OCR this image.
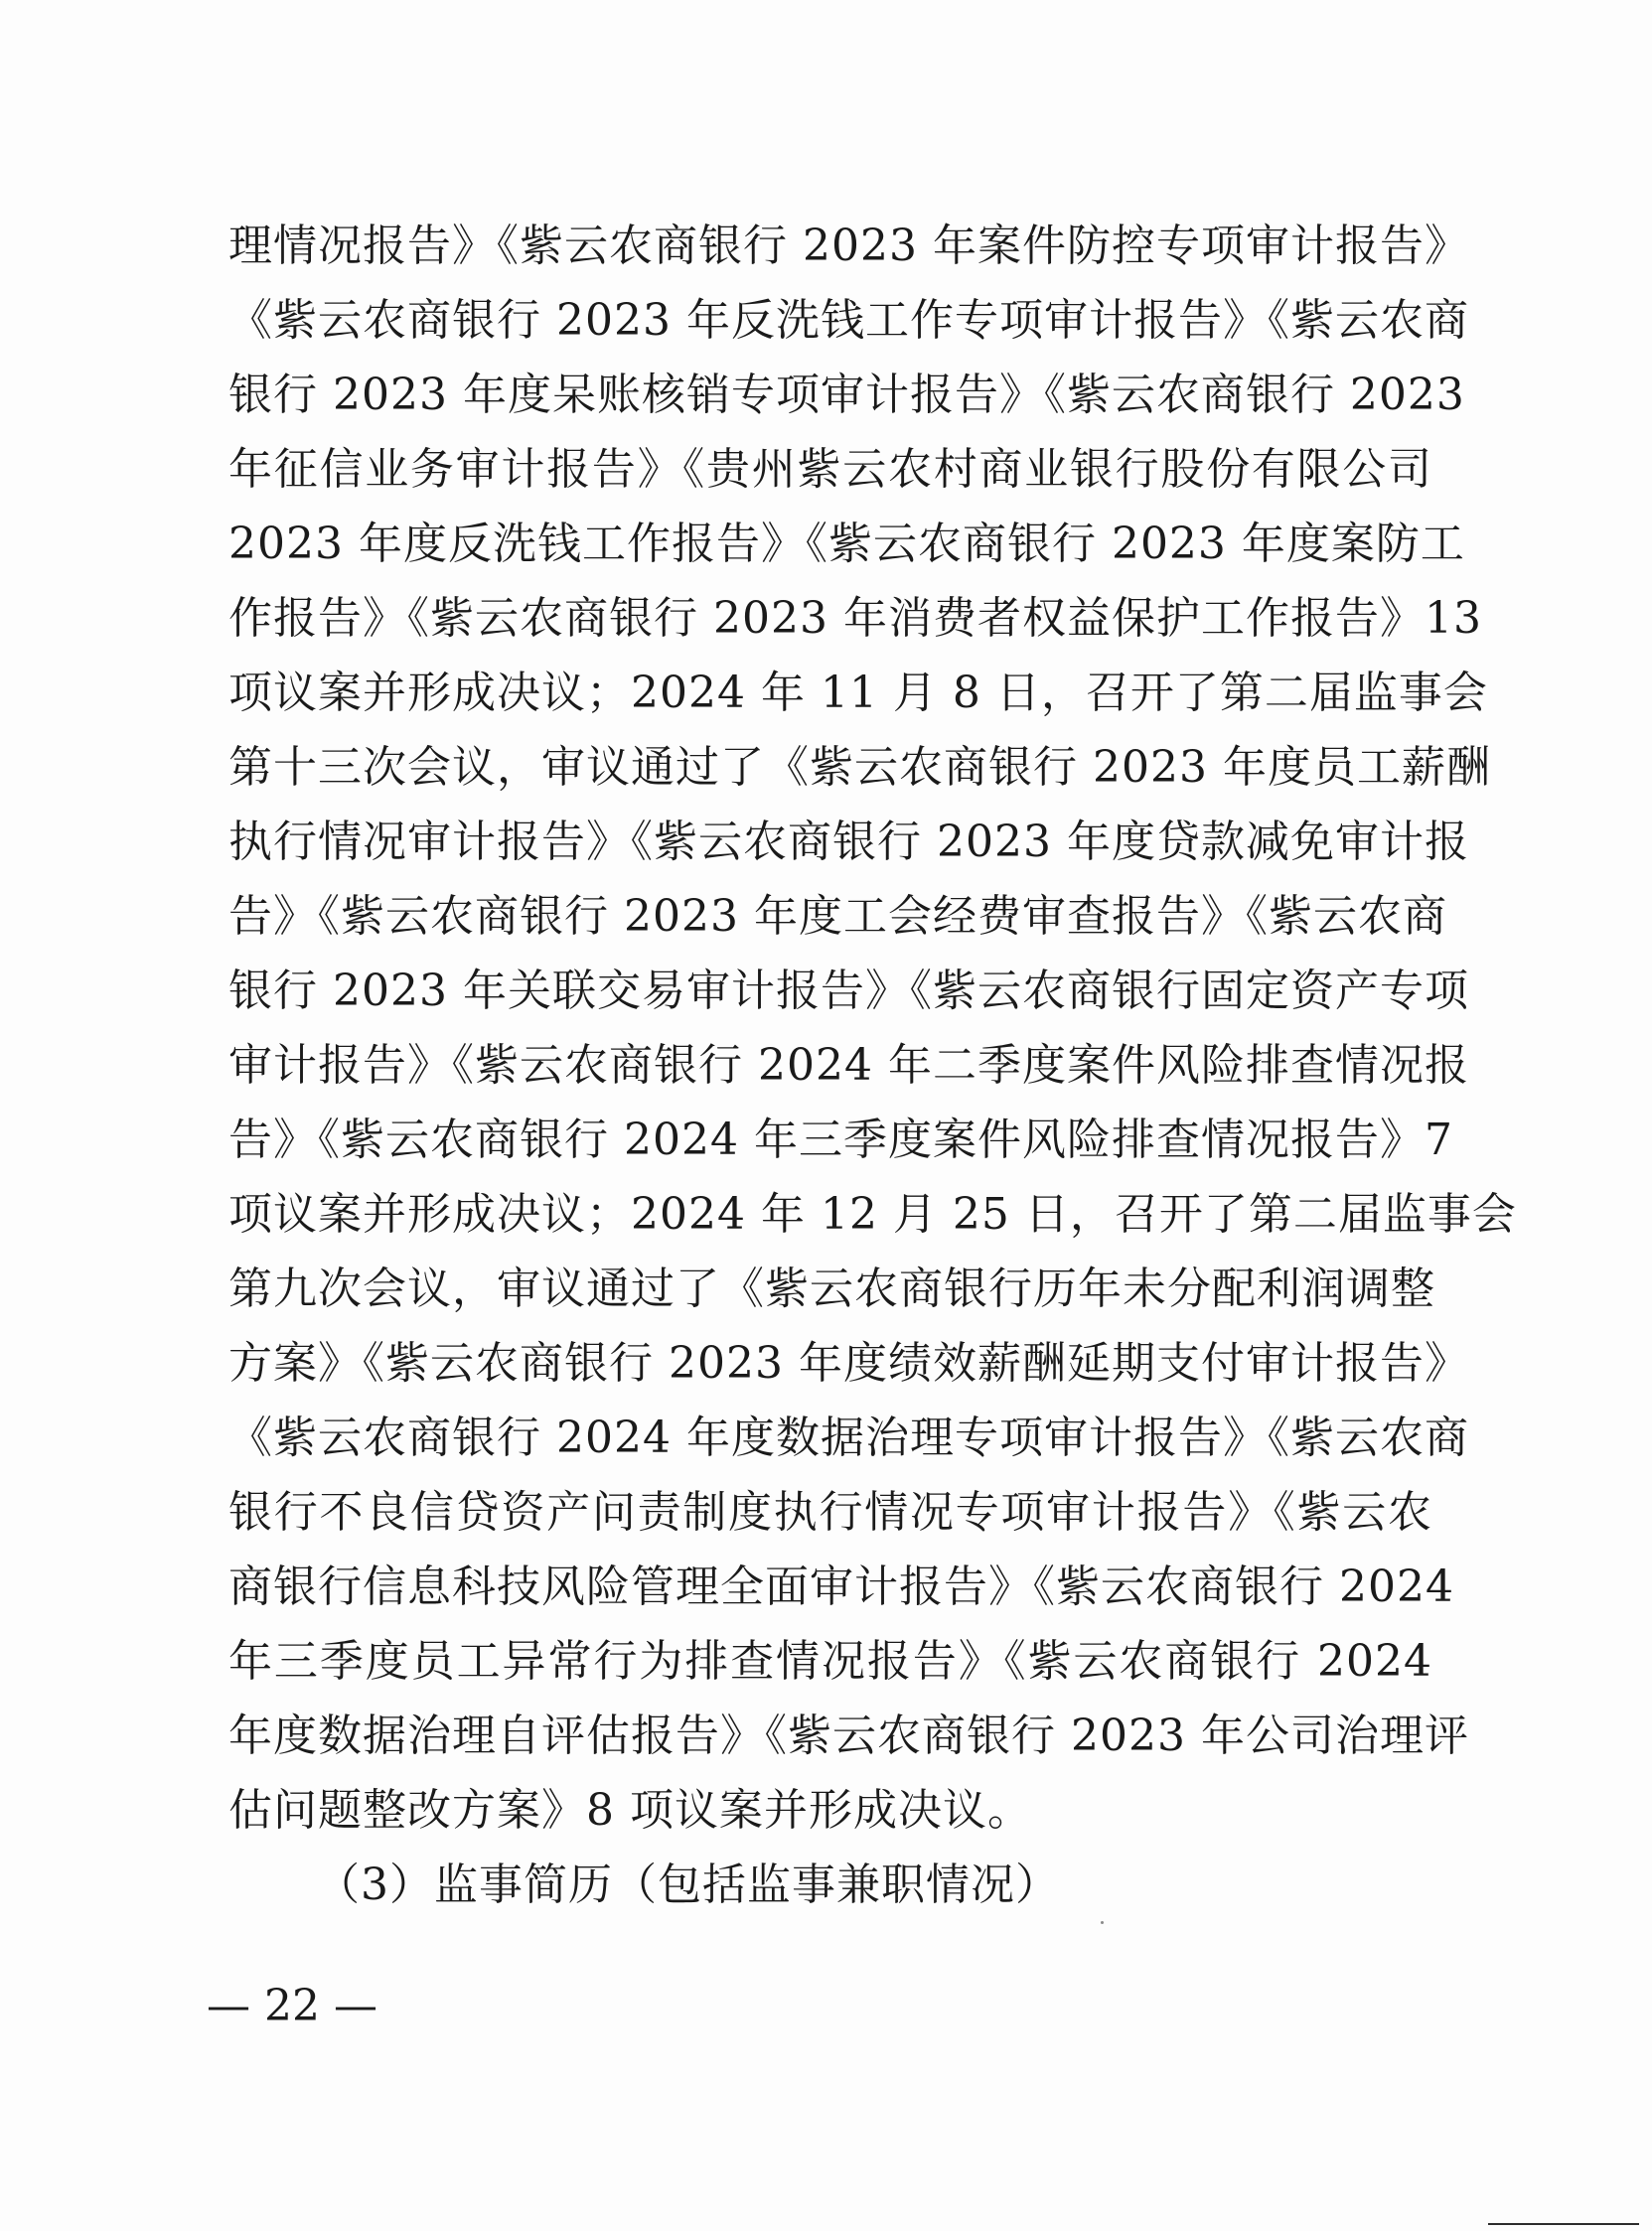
理情况报告》《紫云农商银行 2023 年案件防控专项审计报告》
《紫云农商银行 2023 年反洗钱工作专项审计报告》《紫云农商
银行 2023 年度呆账核销专项审计报告》《紫云农商银行 2023
年征信业务审计报告》《贵州紫云农村商业银行股份有限公司
2023 年度反洗钱工作报告》《紫云农商银行 2023 年度案防工
作报告》《紫云农商银行 2023 年消费者权益保护工作报告》13
项议案并形成决议；2024 年 11 月 8 日，召开了第二届监事会
第十三次会议，审议通过了《紫云农商银行 2023 年度员工薪酬
执行情况审计报告》《紫云农商银行 2023 年度贷款减免审计报
告》《紫云农商银行 2023 年度工会经费审查报告》《紫云农商
银行 2023 年关联交易审计报告》《紫云农商银行固定资产专项
审计报告》《紫云农商银行 2024 年二季度案件风险排查情况报
告》《紫云农商银行 2024 年三季度案件风险排查情况报告》7
项议案并形成决议；2024 年 12 月 25 日，召开了第二届监事会
第九次会议，审议通过了《紫云农商银行历年未分配利润调整
方案》《紫云农商银行 2023 年度绩效薪酬延期支付审计报告》
《紫云农商银行 2024 年度数据治理专项审计报告》《紫云农商
银行不良信贷资产问责制度执行情况专项审计报告》《紫云农
商银行信息科技风险管理全面审计报告》《紫云农商银行 2024
年三季度员工异常行为排查情况报告》《紫云农商银行 2024
年度数据治理自评估报告》《紫云农商银行 2023 年公司治理评
估问题整改方案》8 项议案并形成决议。
（3）监事简历（包括监事兼职情况）
— 22 —
